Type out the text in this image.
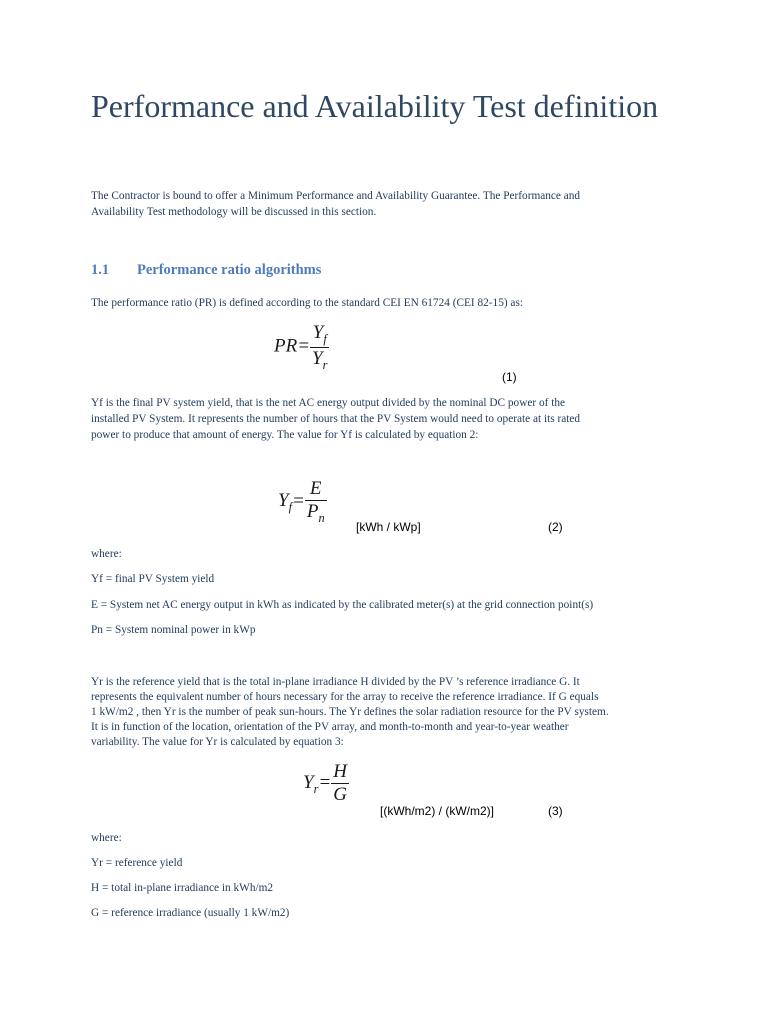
Performance and Availability Test definition

The Contractor is bound to offer a Minimum Performance and Availability Guarantee. The Performance and

Availability Test methodology will be discussed in this section.

1.1 Performance ratio algorithms

The performance ratio (PR) is defined according to the standard CEI EN 61724 (CEI 82-15) as:

$PR= \frac{Y_f}{Y_r}$
(1)

Yf is the final PV system yield, that is the net AC energy output divided by the nominal DC power of the

installed PV System. It represents the number of hours that the PV System would need to operate at its rated

power to produce that amount of energy. The value for Yf is calculated by equation 2:

$Y_f= \frac{E}{P_n}$
[kWh / kWp]	(2)

where:

Yf = final PV System yield

E = System net AC energy output in kWh as indicated by the calibrated meter(s) at the grid connection point(s)

Pn = System nominal power in kWp

Yr is the reference yield that is the total in-plane irradiance H divided by the PV ’s reference irradiance G. It

represents the equivalent number of hours necessary for the array to receive the reference irradiance. If G equals

1 kW/m2 , then Yr is the number of peak sun-hours. The Yr defines the solar radiation resource for the PV system.

It is in function of the location, orientation of the PV array, and month-to-month and year-to-year weather

variability. The value for Yr is calculated by equation 3:

$Y_r= \frac{H}{G}$
[(kWh/m2) / (kW/m2)]	(3)

where:

Yr = reference yield

H = total in-plane irradiance in kWh/m2

G = reference irradiance (usually 1 kW/m2)
